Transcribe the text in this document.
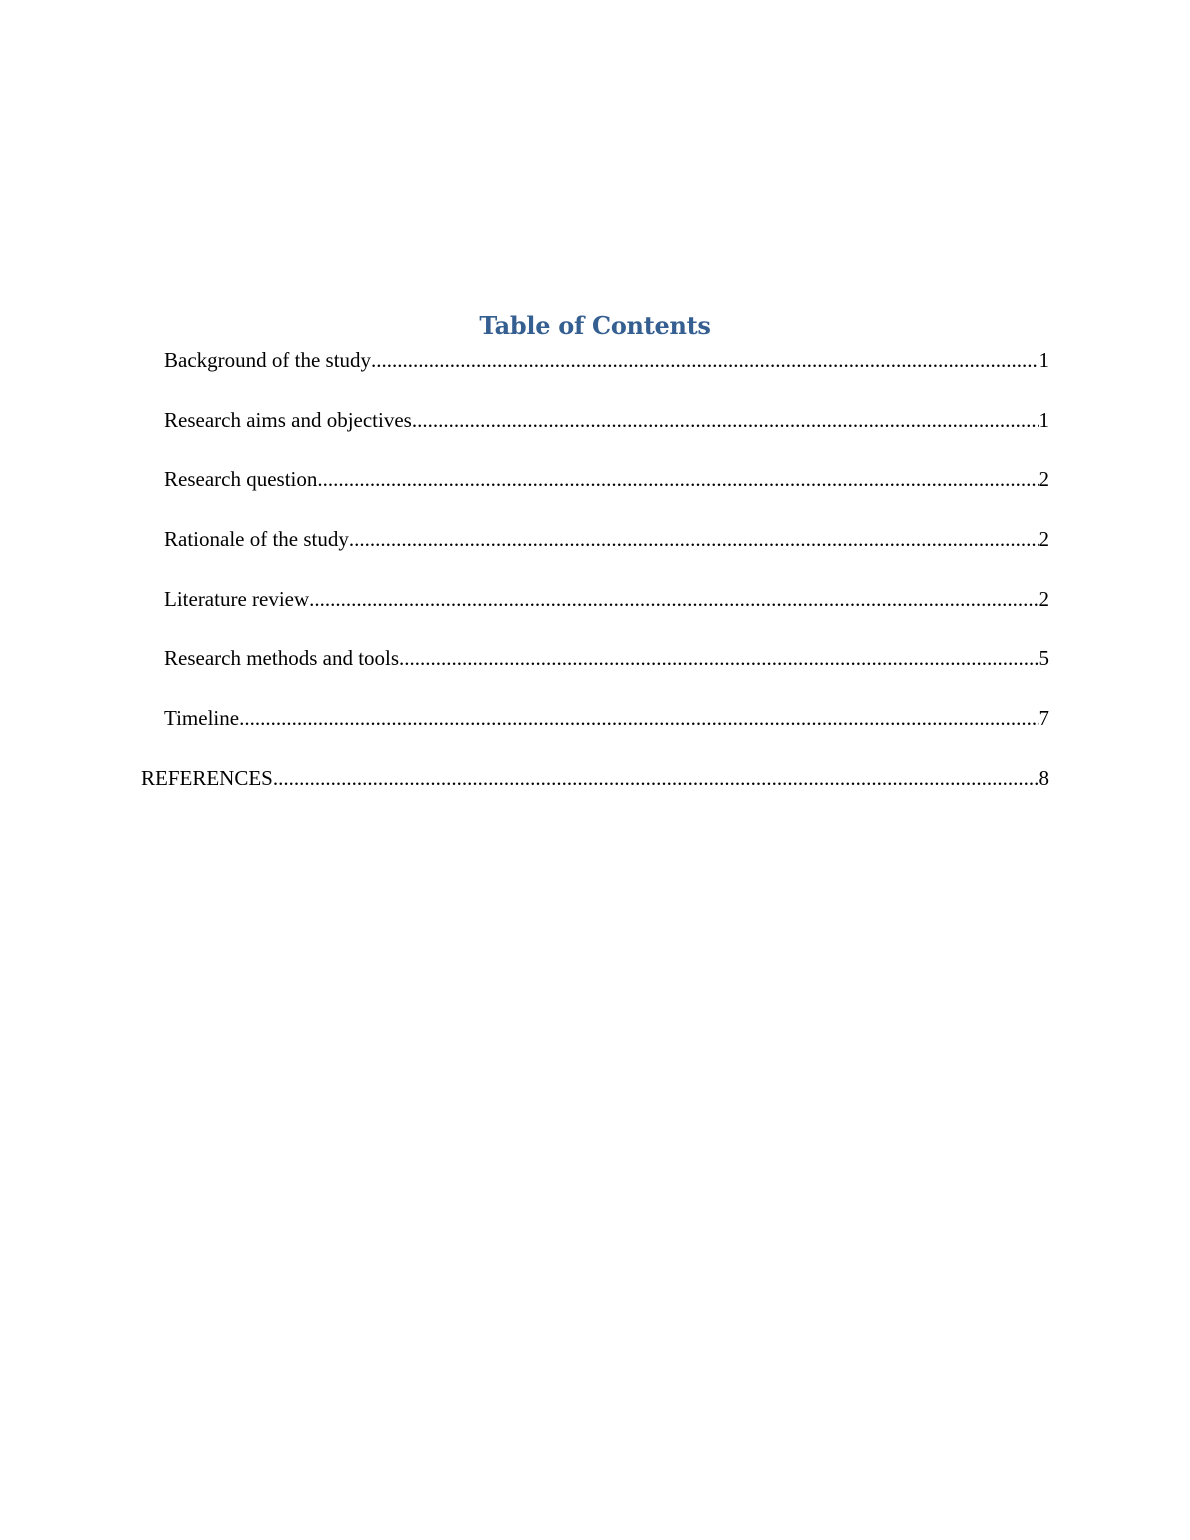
Table of Contents
Background of the study .....	1
Research aims and objectives .....	1
Research question .....	2
Rationale of the study .....	2
Literature review .....	2
Research methods and tools .....	5
Timeline .....	7
REFERENCES .....	8
